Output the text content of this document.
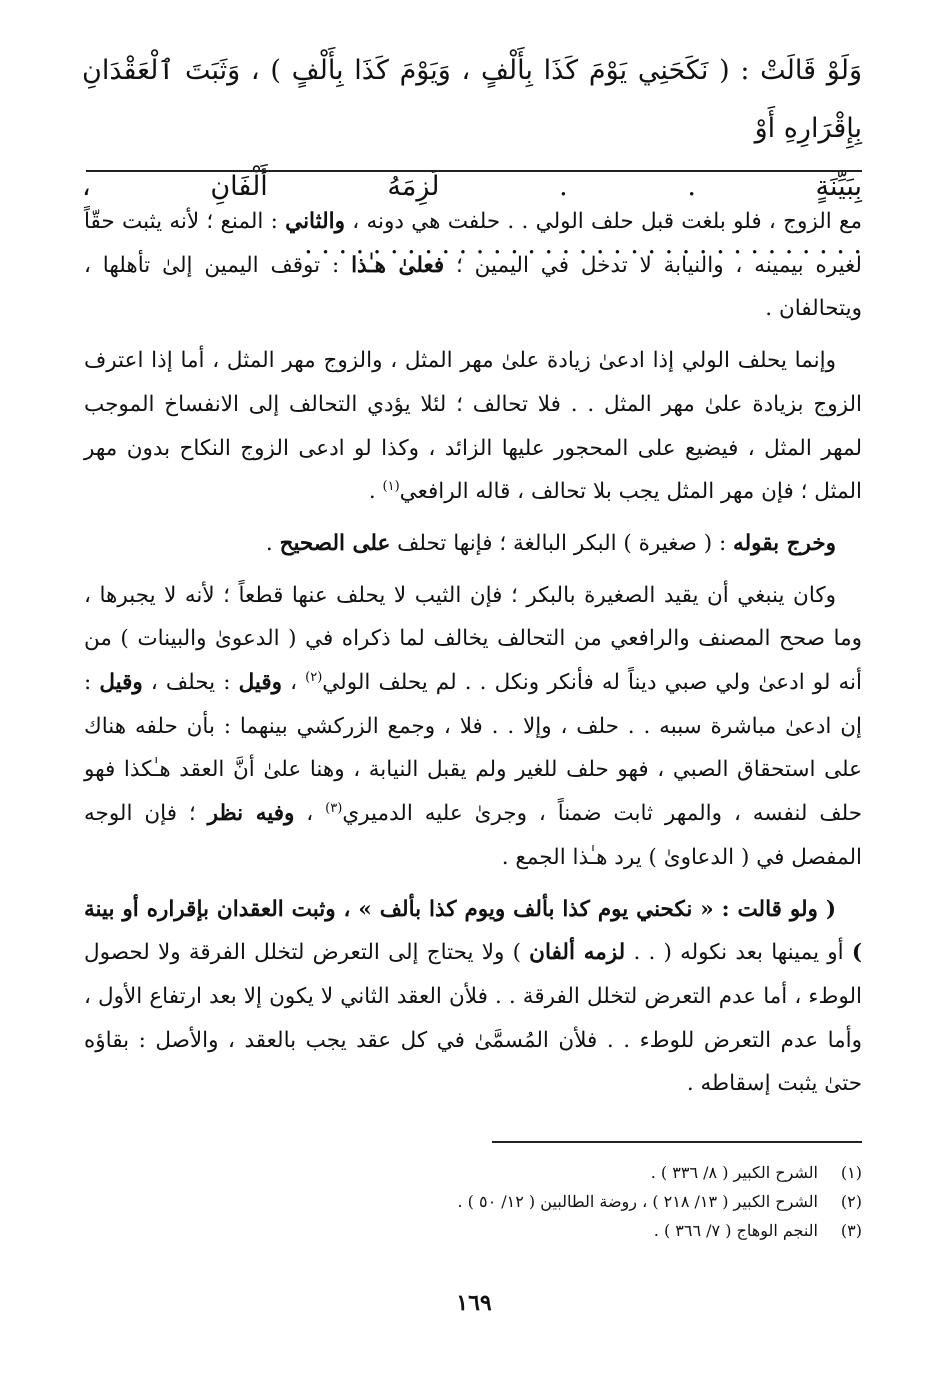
وَلَوْ قَالَتْ : ( نَكَحَنِي يَوْمَ كَذَا بِأَلْفٍ ، وَيَوْمَ كَذَا بِأَلْفٍ ) ، وَثَبَتَ ٱلْعَقْدَانِ بِإِقْرَارِهِ أَوْ

بِبَيِّنَةٍ . . لَزِمَهُ أَلْفَانِ ، . . . . . . . . . . . . . . . . . . . . . . . . . . . . . . . . .

مع الزوج ، فلو بلغت قبل حلف الولي . . حلفت هي دونه ، والثاني : المنع ؛ لأنه يثبت حقّاً لغيره بيمينه ، والنيابة لا تدخل في اليمين ؛ فعلىٰ هـٰذا : توقف اليمين إلىٰ تأهلها ، ويتحالفان .

وإنما يحلف الولي إذا ادعىٰ زيادة علىٰ مهر المثل ، والزوج مهر المثل ، أما إذا اعترف الزوج بزيادة علىٰ مهر المثل . . فلا تحالف ؛ لئلا يؤدي التحالف إلى الانفساخ الموجب لمهر المثل ، فيضيع على المحجور عليها الزائد ، وكذا لو ادعى الزوج النكاح بدون مهر المثل ؛ فإن مهر المثل يجب بلا تحالف ، قاله الرافعي$^{(١)}$ .

وخرج بقوله : ( صغيرة ) البكر البالغة ؛ فإنها تحلف على الصحيح .

وكان ينبغي أن يقيد الصغيرة بالبكر ؛ فإن الثيب لا يحلف عنها قطعاً ؛ لأنه لا يجبرها ، وما صحح المصنف والرافعي من التحالف يخالف لما ذكراه في ( الدعوىٰ والبينات ) من أنه لو ادعىٰ ولي صبي ديناً له فأنكر ونكل . . لم يحلف الولي$^{(٢)}$ ، وقيل : يحلف ، وقيل : إن ادعىٰ مباشرة سببه . . حلف ، وإلا . . فلا ، وجمع الزركشي بينهما : بأن حلفه هناك على استحقاق الصبي ، فهو حلف للغير ولم يقبل النيابة ، وهنا علىٰ أنَّ العقد هـٰكذا فهو حلف لنفسه ، والمهر ثابت ضمناً ، وجرىٰ عليه الدميري$^{(٣)}$ ، وفيه نظر ؛ فإن الوجه المفصل في ( الدعاوىٰ ) يرد هـٰذا الجمع .

( ولو قالت : « نكحني يوم كذا بألف ويوم كذا بألف » ، وثبت العقدان بإقراره أو بينة ) أو يمينها بعد نكوله ( . . لزمه ألفان ) ولا يحتاج إلى التعرض لتخلل الفرقة ولا لحصول الوطء ، أما عدم التعرض لتخلل الفرقة . . فلأن العقد الثاني لا يكون إلا بعد ارتفاع الأول ، وأما عدم التعرض للوطء . . فلأن المُسمَّىٰ في كل عقد يجب بالعقد ، والأصل : بقاؤه حتىٰ يثبت إسقاطه .

(١)
الشرح الكبير ( ٨/ ٣٣٦ ) .
(٢)
الشرح الكبير ( ١٣/ ٢١٨ ) ، روضة الطالبين ( ١٢/ ٥٠ ) .
(٣)
النجم الوهاج ( ٧/ ٣٦٦ ) .
١٦٩
